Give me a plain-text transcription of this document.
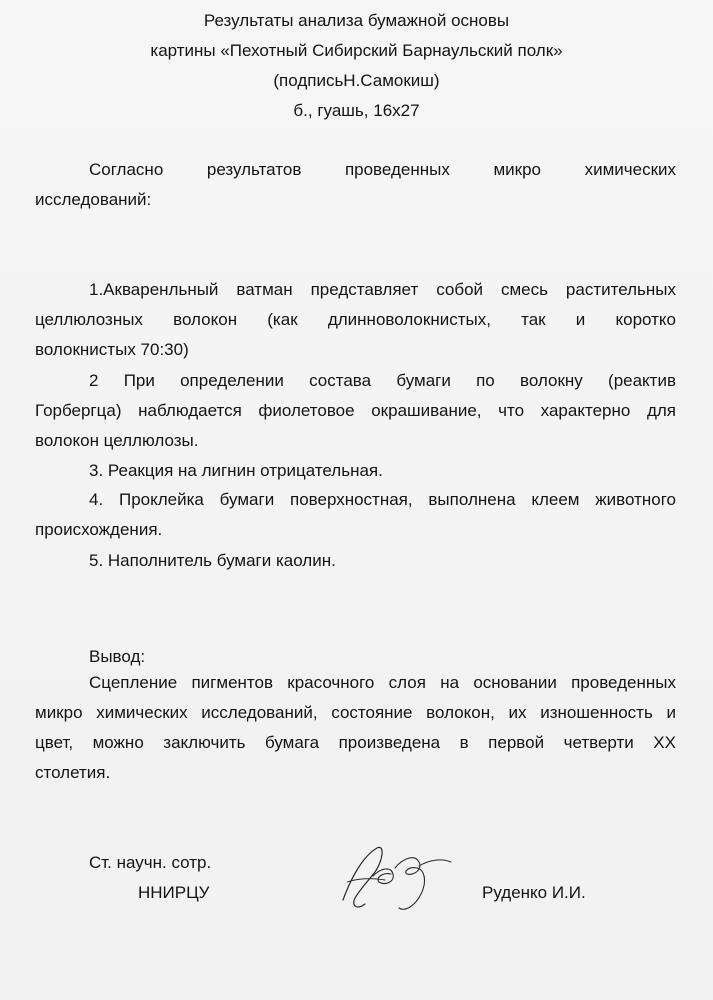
Результаты анализа бумажной основы
картины «Пехотный Сибирский Барнаульский полк»
(подписьН.Самокиш)
б., гуашь, 16х27
Согласно результатов проведенных микро химических
исследований:
1.Акваренльный ватман представляет собой смесь растительных
целлюлозных волокон (как длинноволокнистых, так и коротко
волокнистых 70:30)
2 При определении состава бумаги по волокну (реактив
Горбергца) наблюдается фиолетовое окрашивание, что характерно для
волокон целлюлозы.
3. Реакция на лигнин отрицательная.
4. Проклейка бумаги поверхностная, выполнена клеем животного
происхождения.
5. Наполнитель бумаги каолин.
Вывод:
Сцепление пигментов красочного слоя на основании проведенных
микро химических исследований, состояние волокон, их изношенность и
цвет, можно заключить бумага произведена в первой четверти ХХ
столетия.
Ст. научн. сотр.
ННИРЦУ	Руденко И.И.
